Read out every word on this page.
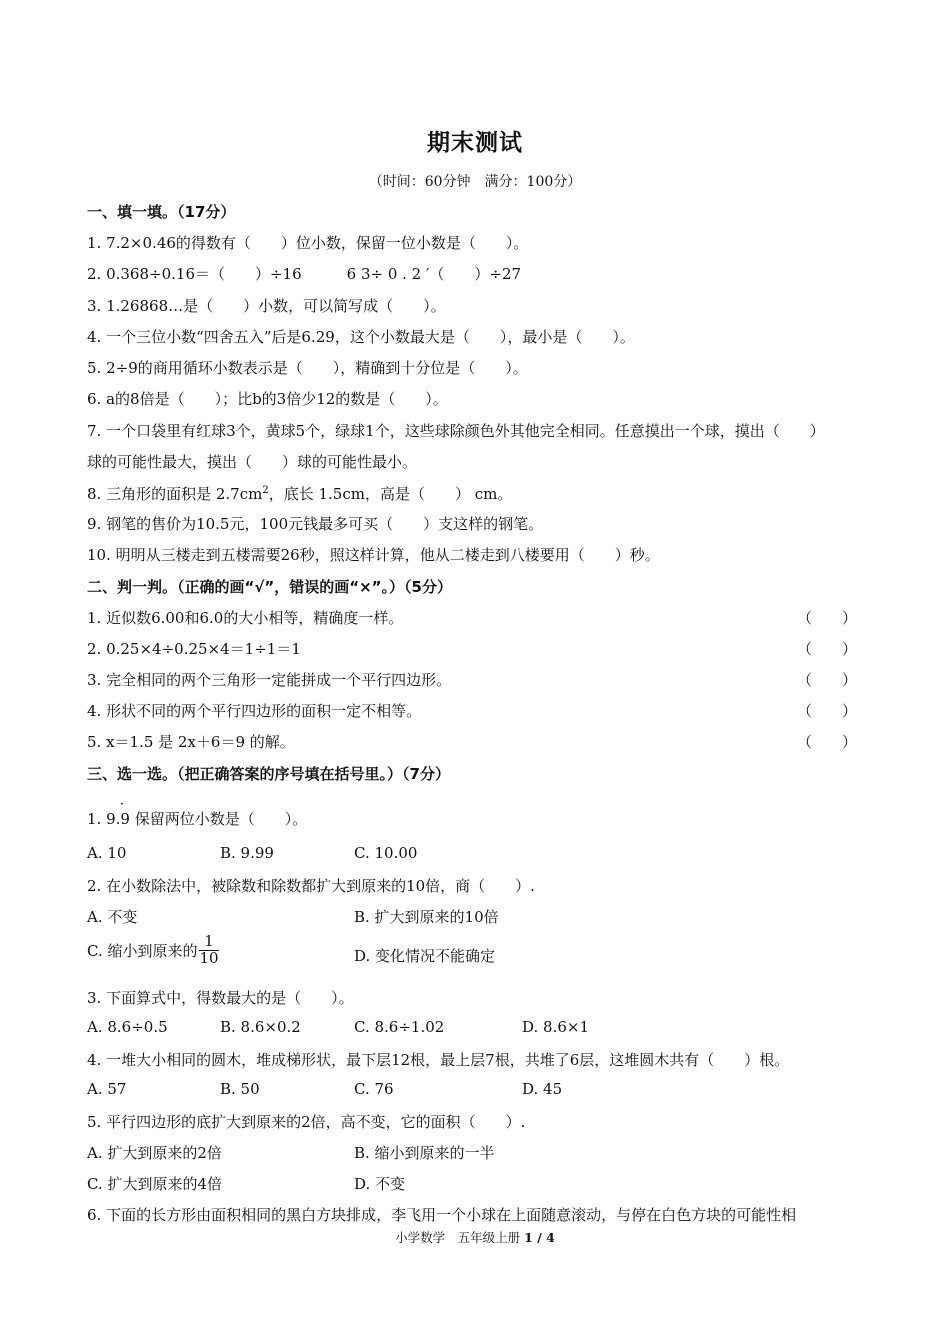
期末测试
（时间：60分钟　满分：100分）
一、填一填。（17分）
1. 7.2×0.46的得数有（　　）位小数，保留一位小数是（　　）。
2. 0.368÷0.16＝（　　）÷16　　　6 3÷ 0 . 2 ′（　　）÷27
3. 1.26868…是（　　）小数，可以简写成（　　）。
4. 一个三位小数“四舍五入”后是6.29，这个小数最大是（　　），最小是（　　）。
5. 2÷9的商用循环小数表示是（　　），精确到十分位是（　　）。
6. a的8倍是（　　）；比b的3倍少12的数是（　　）。
7. 一个口袋里有红球3个，黄球5个，绿球1个，这些球除颜色外其他完全相同。任意摸出一个球，摸出（　　）
球的可能性最大，摸出（　　）球的可能性最小。
8. 三角形的面积是 $2.7cm^2$，底长 1.5cm，高是（　　） cm。
9. 钢笔的售价为10.5元，100元钱最多可买（　　）支这样的钢笔。
10. 明明从三楼走到五楼需要26秒，照这样计算，他从二楼走到八楼要用（　　）秒。
二、判一判。（正确的画“√”，错误的画“×”。）（5分）
1. 近似数6.00和6.0的大小相等，精确度一样。	（　　）
2. 0.25×4÷0.25×4＝1÷1＝1	（　　）
3. 完全相同的两个三角形一定能拼成一个平行四边形。	（　　）
4. 形状不同的两个平行四边形的面积一定不相等。	（　　）
5. x＝1.5 是 2x＋6＝9 的解。	（　　）
三、选一选。（把正确答案的序号填在括号里。）（7分）
·
1. 9.9 保留两位小数是（　　）。
A. 10	B. 9.99	C. 10.00
2. 在小数除法中，被除数和除数都扩大到原来的10倍，商（　　）.
A. 不变	B. 扩大到原来的10倍
C. 缩小到原来的 $\frac{1}{10}$	D. 变化情况不能确定
3. 下面算式中，得数最大的是（　　）。
A. 8.6÷0.5	B. 8.6×0.2	C. 8.6÷1.02	D. 8.6×1
4. 一堆大小相同的圆木，堆成梯形状，最下层12根，最上层7根，共堆了6层，这堆圆木共有（　　）根。
A. 57	B. 50	C. 76	D. 45
5. 平行四边形的底扩大到原来的2倍，高不变，它的面积（　　）.
A. 扩大到原来的2倍	B. 缩小到原来的一半
C. 扩大到原来的4倍	D. 不变
6. 下面的长方形由面积相同的黑白方块排成，李飞用一个小球在上面随意滚动，与停在白色方块的可能性相
小学数学　五年级上册 1 / 4
